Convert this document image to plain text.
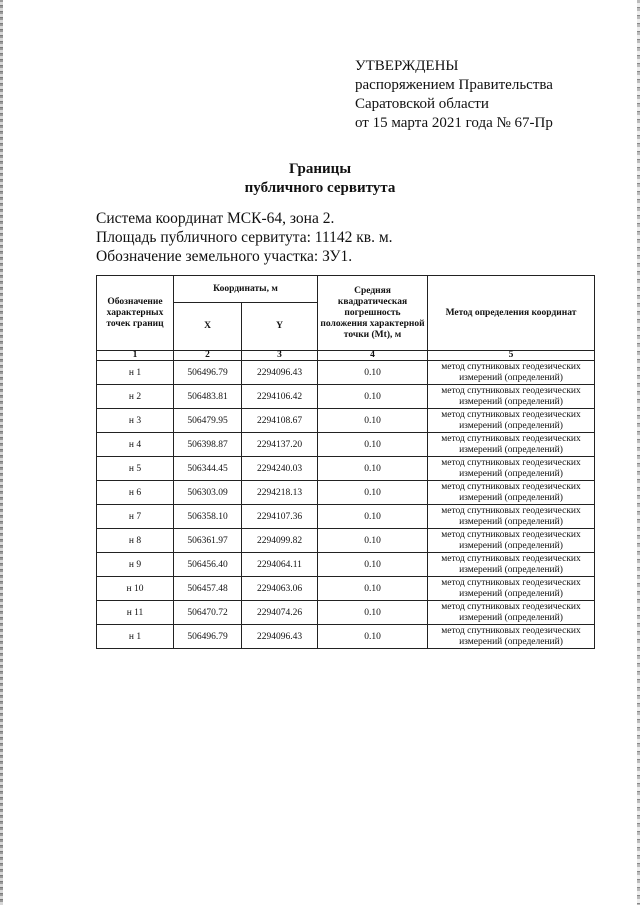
УТВЕРЖДЕНЫ
распоряжением Правительства
Саратовской области
от 15 марта 2021 года № 67-Пр
Границы
публичного сервитута
Система координат МСК-64, зона 2.
Площадь публичного сервитута: 11142 кв. м.
Обозначение земельного участка: ЗУ1.
Обозначение характерных точек границ	Координаты, м		Средняя квадратическая погрешность положения характерной точки (Mt), м	Метод определения координат
	X	Y		
1	2	3	4	5
н 1	506496.79	2294096.43	0.10	метод спутниковых геодезических измерений (определений)
н 2	506483.81	2294106.42	0.10	метод спутниковых геодезических измерений (определений)
н 3	506479.95	2294108.67	0.10	метод спутниковых геодезических измерений (определений)
н 4	506398.87	2294137.20	0.10	метод спутниковых геодезических измерений (определений)
н 5	506344.45	2294240.03	0.10	метод спутниковых геодезических измерений (определений)
н 6	506303.09	2294218.13	0.10	метод спутниковых геодезических измерений (определений)
н 7	506358.10	2294107.36	0.10	метод спутниковых геодезических измерений (определений)
н 8	506361.97	2294099.82	0.10	метод спутниковых геодезических измерений (определений)
н 9	506456.40	2294064.11	0.10	метод спутниковых геодезических измерений (определений)
н 10	506457.48	2294063.06	0.10	метод спутниковых геодезических измерений (определений)
н 11	506470.72	2294074.26	0.10	метод спутниковых геодезических измерений (определений)
н 1	506496.79	2294096.43	0.10	метод спутниковых геодезических измерений (определений)
